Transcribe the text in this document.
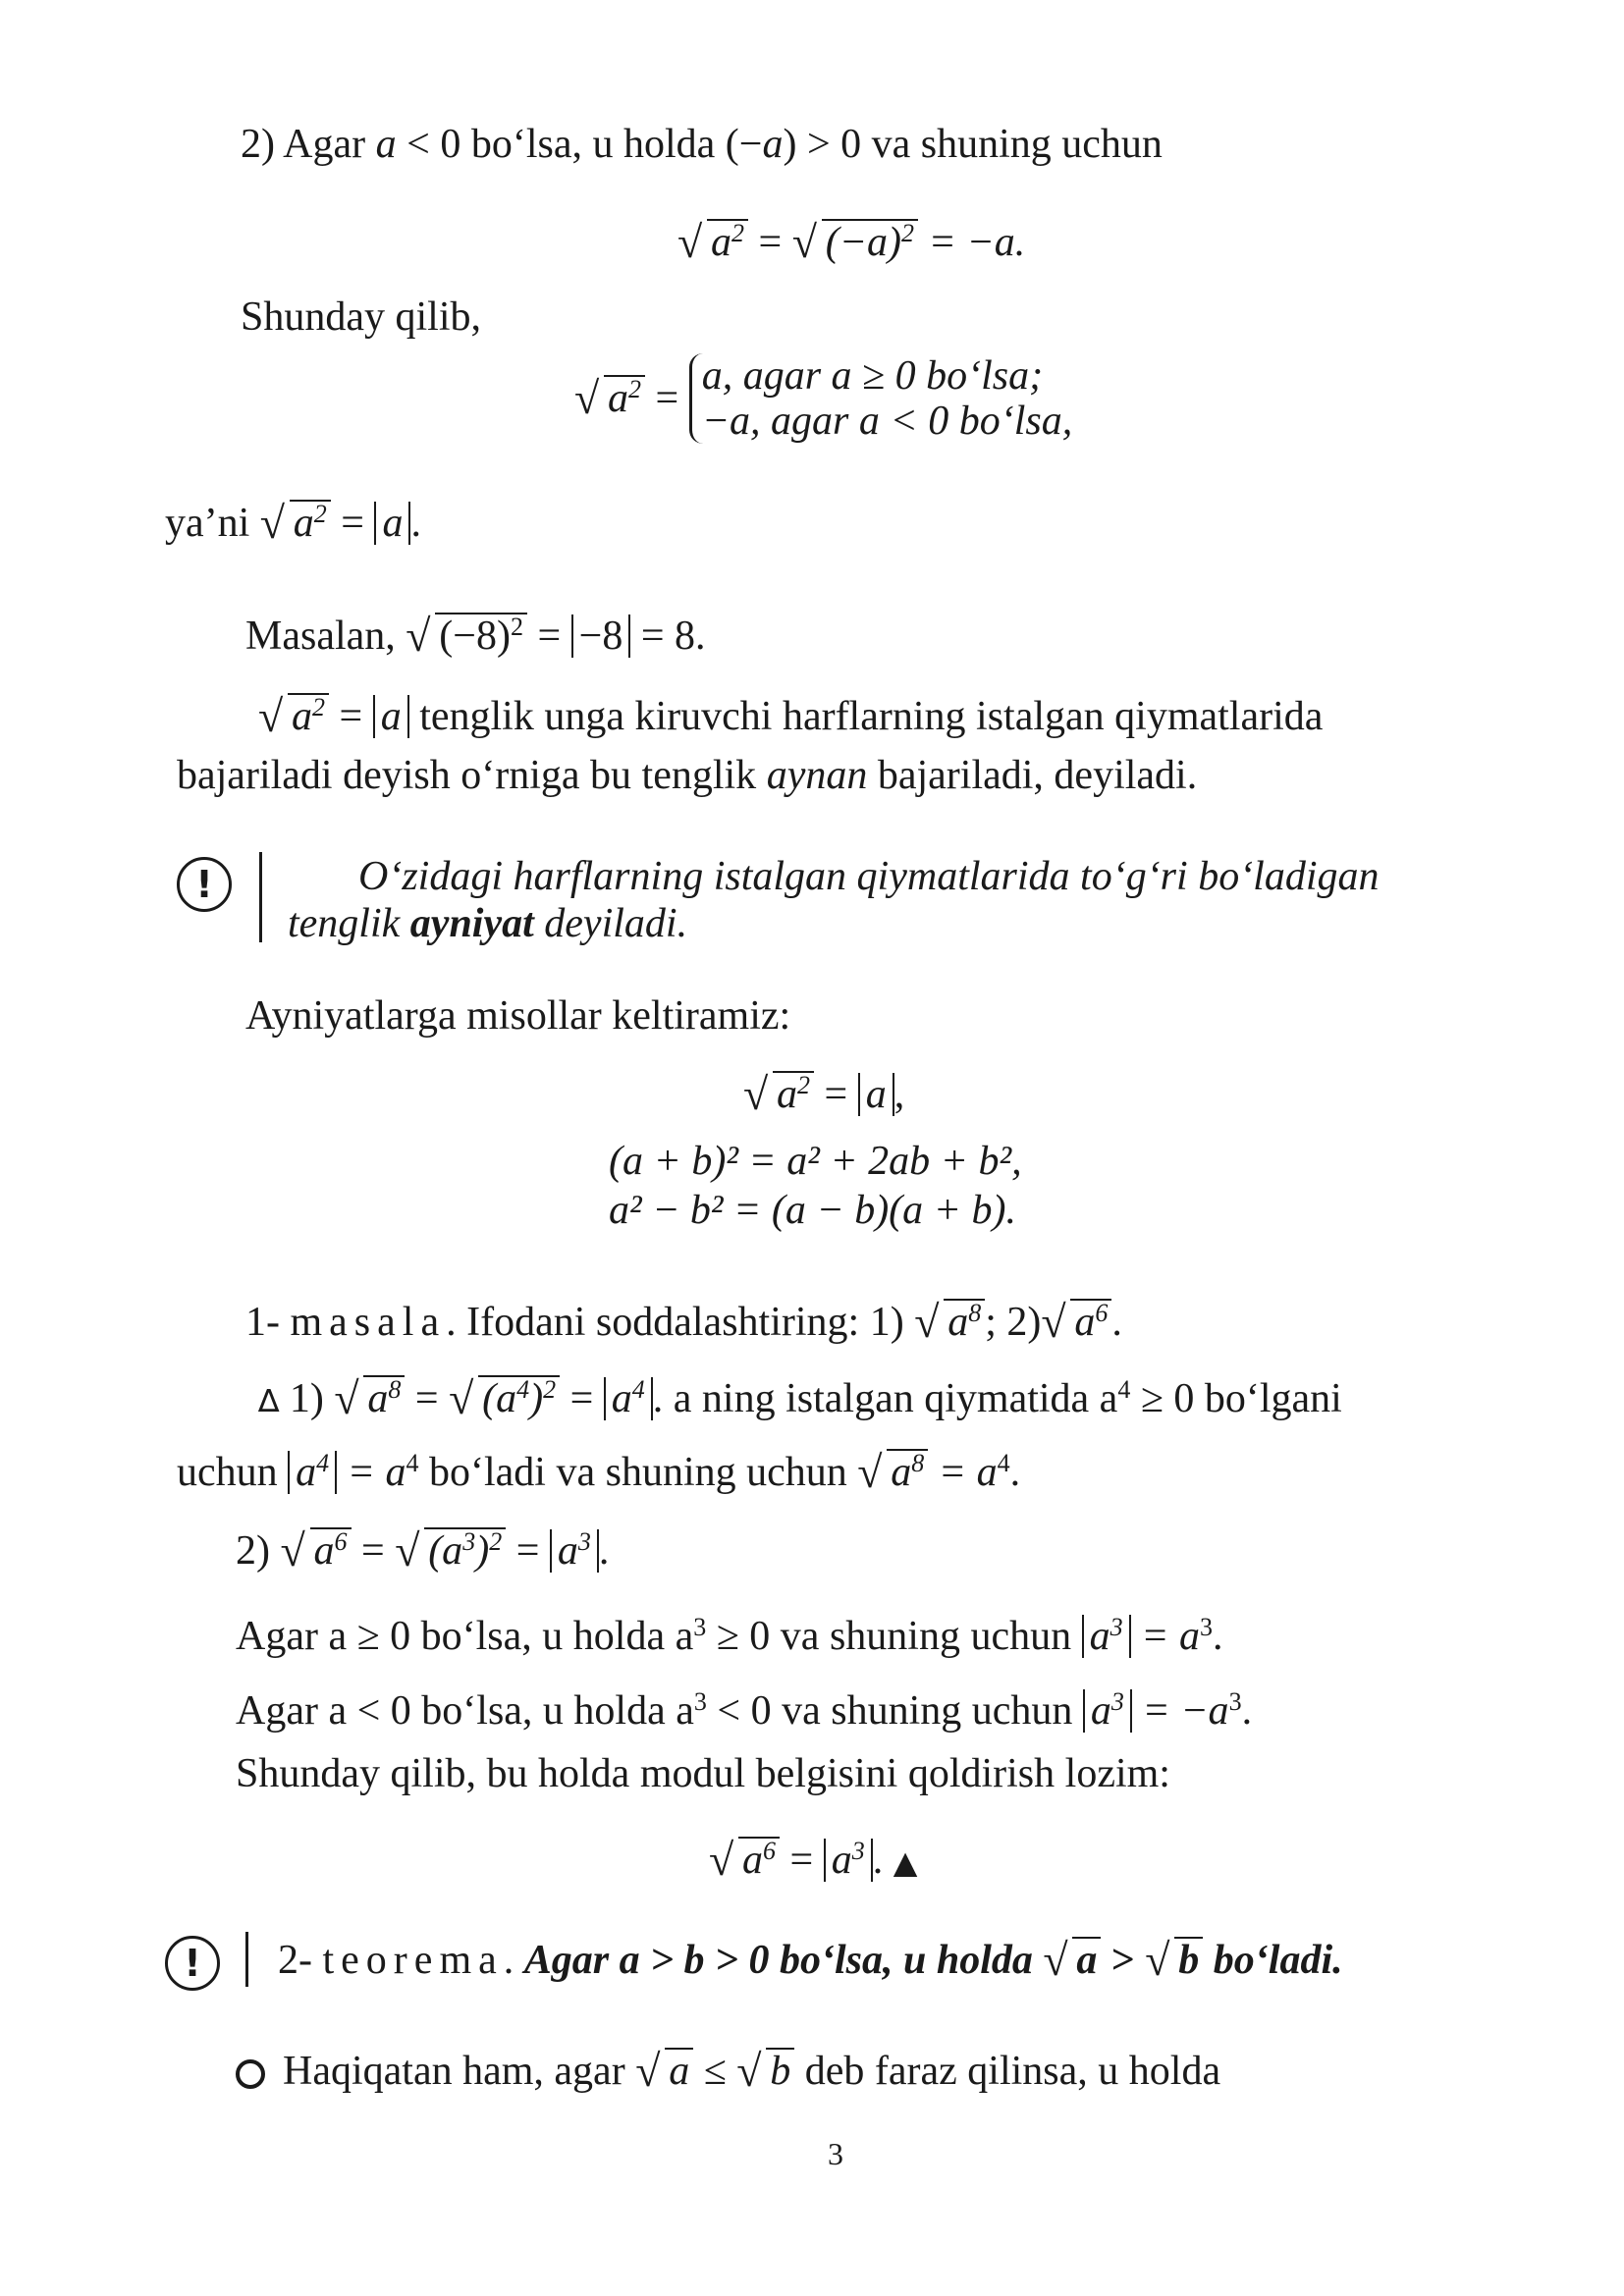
2) Agar a < 0 bo‘lsa, u holda (−a) > 0 va shuning uchun
√ $a^2$ = √ $(-a)^2 = -a$.
Shunday qilib,
√ $a^2 = a$, agar a ≥ 0 bo‘lsa;
−a, agar a < 0 bo‘lsa,
ya’ni √ $a^2 = a$ .
Masalan, √ $(-8)^2 = -8 = 8$.
√ $a^2 = a$ tenglik unga kiruvchi harflarning istalgan qiymatlarida
bajariladi deyish o‘rniga bu tenglik aynan bajariladi, deyiladi.
!	O‘zidagi harflarning istalgan qiymatlarida to‘g‘ri bo‘ladigan
tenglik ayniyat deyiladi.
Ayniyatlarga misollar keltiramiz:
√ $a^2 = a$ ,
(a + b)² = a² + 2ab + b²,
a² − b² = (a − b)(a + b).
1- masala. Ifodani soddalashtiring: 1) √ $a^8$; 2)√ $a^6$.
∆ 1) √ $a^8$ = √ $(a^4)^2 = a^4$ . a ning istalgan qiymatida $a^4 \ge 0$ bo‘lgani
uchun $a^4 = a^4$ bo‘ladi va shuning uchun √ $a^8 = a^4$.
2) √ $a^6$ = √ $(a^3)^2 = a^3$ .
Agar a ≥ 0 bo‘lsa, u holda $a^3 \ge 0$ va shuning uchun $a^3 = a^3$.
Agar a < 0 bo‘lsa, u holda $a^3 < 0$ va shuning uchun $a^3 = -a^3$.
Shunday qilib, bu holda modul belgisini qoldirish lozim:
√ $a^6 = a^3$ . ▲
!	2- teorema. Agar a > b > 0 bo‘lsa, u holda √ a > √ b bo‘ladi.
Haqiqatan ham, agar √ a ≤ √ b deb faraz qilinsa, u holda
3
